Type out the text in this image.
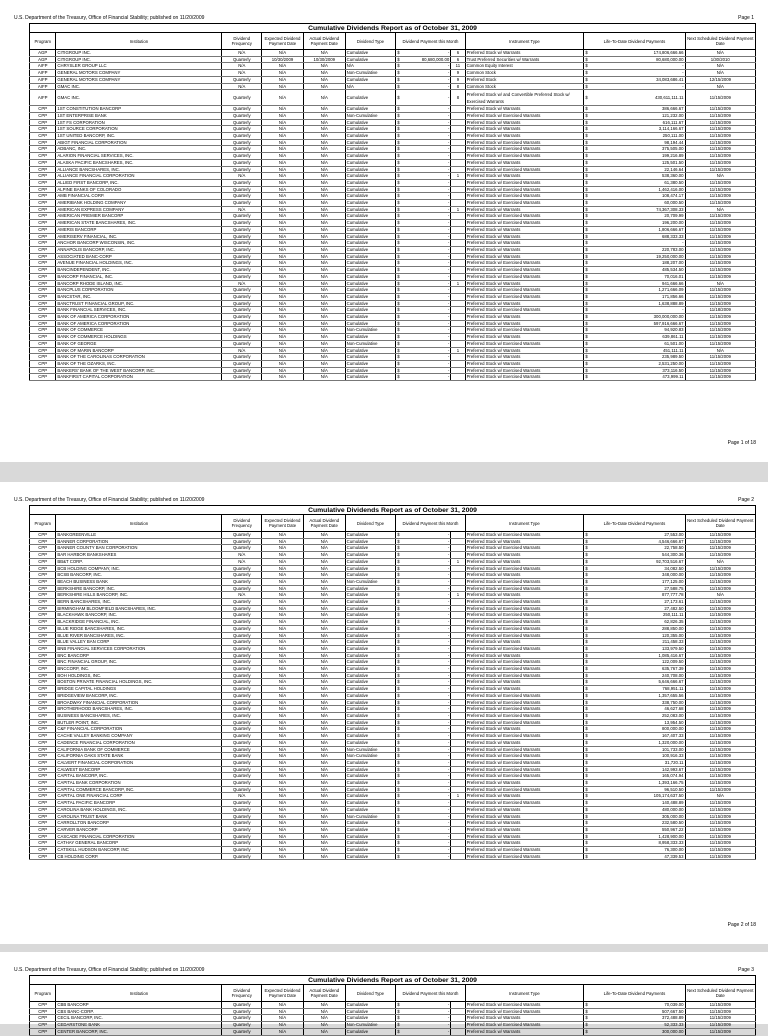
U.S. Department of the Treasury, Office of Financial Stability; published on 11/20/2009	Page 1
Cumulative Dividends Report as of October 31, 2009
Program	Institution	Dividend Frequency	Expected Dividend Payment Date	Actual Dividend Payment Date	Dividend Type	Dividend Payment this Month		Instrument Type	Life-To-Date Dividend Payments	Next Scheduled Dividend Payment Date
AGP	CITIGROUP INC.	N/A	N/A	N/A	Cumulative	$ -	6	Preferred Stock w/ Warrants	$ 174,806,666.66	N/A
AGP	CITIGROUP INC.	Quarterly	10/30/2009	10/30/2009	Cumulative	$ 80,680,000.00	6	Trust Preferred Securities w/ Warrants	$ 80,680,000.00	1/30/2010
AIFP	CHRYSLER GROUP LLC	N/A	N/A	N/A	N/A	$ -	11	Common Equity Interest	$ -	N/A
AIFP	GENERAL MOTORS COMPANY	N/A	N/A	N/A	Non-Cumulative	$ -	9	Common Stock	$ -	N/A
AIFP	GENERAL MOTORS COMPANY	Quarterly	N/A	N/A	Cumulative	$ -	9	Preferred Stock	$ 34,083,686.41	12/15/2009
AIFP	GMAC INC.	N/A	N/A	N/A	N/A	$ -	8	Common Stock	$ -	N/A
AIFP	GMAC INC.	Quarterly	N/A	N/A	Cumulative	$ -	8	Preferred Stock w/ and Convertible Preferred Stock w/ Exercised Warrants	$ 430,611,111.11	11/15/2009
CPP	1ST CONSTITUTION BANCORP	Quarterly	N/A	N/A	Cumulative	$ -		Preferred Stock w/ Warrants	$ 386,666.67	11/15/2009
CPP	1ST ENTERPRISE BANK	Quarterly	N/A	N/A	Non-Cumulative	$ -		Preferred Stock w/ Exercised Warrants	$ 121,232.00	11/15/2009
CPP	1ST FS CORPORATION	Quarterly	N/A	N/A	Cumulative	$ -		Preferred Stock w/ Warrants	$ 616,111.67	11/15/2009
CPP	1ST SOURCE CORPORATION	Quarterly	N/A	N/A	Cumulative	$ -		Preferred Stock w/ Warrants	$ 3,114,166.67	11/15/2009
CPP	1ST UNITED BANCORP, INC.	Quarterly	N/A	N/A	Cumulative	$ -		Preferred Stock w/ Warrants	$ 250,111.00	11/15/2009
CPP	ABIGT FINANCIAL CORPORATION	Quarterly	N/A	N/A	Cumulative	$ -		Preferred Stock w/ Exercised Warrants	$ 98,194.44	11/15/2009
CPP	ADBANC, INC.	Quarterly	N/A	N/A	Cumulative	$ -		Preferred Stock w/ Exercised Warrants	$ 375,505.00	11/15/2009
CPP	ALARION FINANCIAL SERVICES, INC.	Quarterly	N/A	N/A	Cumulative	$ -		Preferred Stock w/ Exercised Warrants	$ 199,216.89	11/15/2009
CPP	ALASKA PACIFIC BANCSHARES, INC.	Quarterly	N/A	N/A	Cumulative	$ -		Preferred Stock w/ Warrants	$ 125,501.50	11/15/2009
CPP	ALLIANCE BANCSHARES, INC.	Quarterly	N/A	N/A	Cumulative	$ -		Preferred Stock w/ Exercised Warrants	$ 22,146.64	11/15/2009
CPP	ALLIANCE FINANCIAL CORPORATION	N/A	N/A	N/A	Cumulative	$ -	1	Preferred Stock w/ Warrants	$ 538,360.00	N/A
CPP	ALLIED FIRST BANCORP, INC.	Quarterly	N/A	N/A	Cumulative	$ -		Preferred Stock w/ Exercised Warrants	$ 61,380.50	11/15/2009
CPP	ALPINE BANKS OF COLORADO	Quarterly	N/A	N/A	Cumulative	$ -		Preferred Stock w/ Exercised Warrants	$ 1,462,416.00	11/15/2009
CPP	AMB FINANCIAL CORP.	Quarterly	N/A	N/A	Cumulative	$ -		Preferred Stock w/ Exercised Warrants	$ 108,474.17	11/15/2009
CPP	AMERIBANK HOLDING COMPANY	Quarterly	N/A	N/A	Cumulative	$ -		Preferred Stock w/ Exercised Warrants	$ 60,000.50	11/15/2009
CPP	AMERICAN EXPRESS COMPANY	N/A	N/A	N/A	Cumulative	$ -	1	Preferred Stock w/ Warrants	$ 74,367,308.33	N/A
CPP	AMERICAN PREMIER BANCORP	Quarterly	N/A	N/A	Cumulative	$ -		Preferred Stock w/ Exercised Warrants	$ 20,709.99	11/15/2009
CPP	AMERICAN STATE BANCSHARES, INC.	Quarterly	N/A	N/A	Cumulative	$ -		Preferred Stock w/ Exercised Warrants	$ 196,200.00	11/15/2009
CPP	AMERIS BANCORP	Quarterly	N/A	N/A	Cumulative	$ -		Preferred Stock w/ Warrants	$ 1,806,666.67	11/15/2009
CPP	AMERISERV FINANCIAL, INC.	Quarterly	N/A	N/A	Cumulative	$ -		Preferred Stock w/ Warrants	$ 688,333.33	11/15/2009
CPP	ANCHOR BANCORP WISCONSIN, INC.	Quarterly	N/A	N/A	Cumulative	$ -		Preferred Stock w/ Warrants	$ -	11/15/2009
CPP	ANNAPOLIS BANCORP, INC.	Quarterly	N/A	N/A	Cumulative	$ -		Preferred Stock w/ Warrants	$ 220,783.00	11/15/2009
CPP	ASSOCIATED BANC-CORP	Quarterly	N/A	N/A	Cumulative	$ -		Preferred Stock w/ Warrants	$ 19,250,000.00	11/15/2009
CPP	AVENUE FINANCIAL HOLDINGS, INC.	Quarterly	N/A	N/A	Cumulative	$ -		Preferred Stock w/ Exercised Warrants	$ 188,207.00	11/15/2009
CPP	BANCINDEPENDENT, INC.	Quarterly	N/A	N/A	Cumulative	$ -		Preferred Stock w/ Exercised Warrants	$ 485,534.50	11/15/2009
CPP	BANCORP FINANCIAL, INC.	Quarterly	N/A	N/A	Cumulative	$ -		Preferred Stock w/ Exercised Warrants	$ 70,016.01	11/15/2009
CPP	BANCORP RHODE ISLAND, INC.	N/A	N/A	N/A	Cumulative	$ -	1	Preferred Stock w/ Warrants	$ 941,666.66	N/A
CPP	BANCPLUS CORPORATION	Quarterly	N/A	N/A	Cumulative	$ -		Preferred Stock w/ Exercised Warrants	$ 1,271,666.09	11/15/2009
CPP	BANCSTAR, INC.	Quarterly	N/A	N/A	Cumulative	$ -		Preferred Stock w/ Exercised Warrants	$ 171,856.66	11/15/2009
CPP	BANCTRUST FINANCIAL GROUP, INC.	Quarterly	N/A	N/A	Cumulative	$ -		Preferred Stock w/ Warrants	$ 1,638,888.89	11/15/2009
CPP	BANK FINANCIAL SERVICES, INC.	Quarterly	N/A	N/A	Cumulative	$ -		Preferred Stock w/ Exercised Warrants	$ -	11/18/2009
CPP	BANK OF AMERICA CORPORATION	Quarterly	N/A	N/A	Cumulative	$ -		Preferred Stock w/ Warrants	$ 300,000,000.00	11/15/2009
CPP	BANK OF AMERICA CORPORATION	Quarterly	N/A	N/A	Cumulative	$ -		Preferred Stock w/ Warrants	$ 597,916,666.67	11/15/2009
CPP	BANK OF COMMERCE	Quarterly	N/A	N/A	Non-Cumulative	$ -		Preferred Stock w/ Exercised Warrants	$ 94,920.83	11/15/2009
CPP	BANK OF COMMERCE HOLDINGS	Quarterly	N/A	N/A	Cumulative	$ -		Preferred Stock w/ Warrants	$ 639,861.11	11/15/2009
CPP	BANK OF GEORGE	Quarterly	N/A	N/A	Non-Cumulative	$ -		Preferred Stock w/ Exercised Warrants	$ 61,501.00	11/15/2009
CPP	BANK OF MARIN BANCORP	N/A	N/A	N/A	Cumulative	$ -	1	Preferred Stock w/ Warrants	$ 451,111.11	N/A
CPP	BANK OF THE CAROLINAS CORPORATION	Quarterly	N/A	N/A	Cumulative	$ -		Preferred Stock w/ Warrants	$ 235,989.50	11/15/2009
CPP	BANK OF THE OZARKS, INC.	Quarterly	N/A	N/A	Cumulative	$ -		Preferred Stock w/ Warrants	$ 2,531,250.00	11/15/2009
CPP	BANKERS' BANK OF THE WEST BANCORP, INC.	Quarterly	N/A	N/A	Cumulative	$ -		Preferred Stock w/ Exercised Warrants	$ 373,116.50	11/15/2009
CPP	BANKFIRST CAPITAL CORPORATION	Quarterly	N/A	N/A	Cumulative	$ -		Preferred Stock w/ Exercised Warrants	$ 473,999.11	11/15/2009
Page 1 of 18
U.S. Department of the Treasury, Office of Financial Stability; published on 11/20/2009	Page 2
Cumulative Dividends Report as of October 31, 2009
Program	Institution	Dividend Frequency	Expected Dividend Payment Date	Actual Dividend Payment Date	Dividend Type	Dividend Payment this Month		Instrument Type	Life-To-Date Dividend Payments	Next Scheduled Dividend Payment Date
CPP	BANKGREENVILLE	Quarterly	N/A	N/A	Cumulative	$ -		Preferred Stock w/ Exercised Warrants	$ 27,553.00	11/15/2009
CPP	BANNER CORPORATION	Quarterly	N/A	N/A	Cumulative	$ -		Preferred Stock w/ Warrants	$ 4,546,666.67	11/15/2009
CPP	BANNER COUNTY BAN CORPORATION	Quarterly	N/A	N/A	Cumulative	$ -		Preferred Stock w/ Exercised Warrants	$ 22,758.50	11/15/2009
CPP	BAR HARBOR BANKSHARES	N/A	N/A	N/A	Cumulative	$ -		Preferred Stock w/ Warrants	$ 544,300.36	11/15/2009
CPP	BB&T CORP.	N/A	N/A	N/A	Cumulative	$ -	1	Preferred Stock w/ Warrants	$ 92,703,516.67	N/A
CPP	BCB HOLDING COMPANY, INC.	Quarterly	N/A	N/A	Cumulative	$ -		Preferred Stock w/ Exercised Warrants	$ 34,082.50	11/15/2009
CPP	BCSB BANCORP, INC.	Quarterly	N/A	N/A	Cumulative	$ -		Preferred Stock w/ Warrants	$ 348,000.00	11/15/2009
CPP	BEACH BUSINESS BANK	Quarterly	N/A	N/A	Non-Cumulative	$ -		Preferred Stock w/ Exercised Warrants	$ 177,125.00	11/15/2009
CPP	BERKSHIRE BANCORP, INC.	Quarterly	N/A	N/A	Cumulative	$ -		Preferred Stock w/ Exercised Warrants	$ 27,588.75	11/15/2009
CPP	BERKSHIRE HILLS BANCORP, INC.	N/A	N/A	N/A	Cumulative	$ -	1	Preferred Stock w/ Warrants	$ 877,777.78	N/A
CPP	BERN BANCSHARES, INC.	Quarterly	N/A	N/A	Cumulative	$ -		Preferred Stock w/ Exercised Warrants	$ 27,173.61	11/15/2009
CPP	BIRMINGHAM BLOOMFIELD BANCSHARES, INC.	Quarterly	N/A	N/A	Cumulative	$ -		Preferred Stock w/ Exercised Warrants	$ 27,482.50	11/15/2009
CPP	BLACKHAWK BANCORP, INC.	Quarterly	N/A	N/A	Cumulative	$ -		Preferred Stock w/ Exercised Warrants	$ 250,111.11	11/15/2009
CPP	BLACKRIDGE FINANCIAL, INC.	Quarterly	N/A	N/A	Cumulative	$ -		Preferred Stock w/ Exercised Warrants	$ 62,826.35	11/15/2009
CPP	BLUE RIDGE BANCSHARES, INC.	Quarterly	N/A	N/A	Cumulative	$ -		Preferred Stock w/ Exercised Warrants	$ 288,850.00	11/15/2009
CPP	BLUE RIVER BANCSHARES, INC.	Quarterly	N/A	N/A	Cumulative	$ -		Preferred Stock w/ Exercised Warrants	$ 120,355.00	11/15/2009
CPP	BLUE VALLEY BAN CORP	Quarterly	N/A	N/A	Cumulative	$ -		Preferred Stock w/ Warrants	$ 211,458.33	11/15/2009
CPP	BNB FINANCIAL SERVICES CORPORATION	Quarterly	N/A	N/A	Cumulative	$ -		Preferred Stock w/ Exercised Warrants	$ 133,979.50	11/15/2009
CPP	BNC BANCORP	Quarterly	N/A	N/A	Cumulative	$ -		Preferred Stock w/ Warrants	$ 1,085,416.67	11/15/2009
CPP	BNC FINANCIAL GROUP, INC.	Quarterly	N/A	N/A	Cumulative	$ -		Preferred Stock w/ Exercised Warrants	$ 122,009.50	11/15/2009
CPP	BNCCORP, INC.	Quarterly	N/A	N/A	Cumulative	$ -		Preferred Stock w/ Exercised Warrants	$ 635,767.39	11/15/2009
CPP	BOH HOLDINGS, INC.	Quarterly	N/A	N/A	Cumulative	$ -		Preferred Stock w/ Exercised Warrants	$ 240,708.00	11/15/2009
CPP	BOSTON PRIVATE FINANCIAL HOLDINGS, INC.	Quarterly	N/A	N/A	Cumulative	$ -		Preferred Stock w/ Warrants	$ 5,646,666.67	11/15/2009
CPP	BRIDGE CAPITAL HOLDINGS	Quarterly	N/A	N/A	Cumulative	$ -		Preferred Stock w/ Warrants	$ 768,951.11	11/15/2009
CPP	BRIDGEVIEW BANCORP, INC.	Quarterly	N/A	N/A	Cumulative	$ -		Preferred Stock w/ Exercised Warrants	$ 1,357,655.56	11/15/2009
CPP	BROADWAY FINANCIAL CORPORATION	Quarterly	N/A	N/A	Cumulative	$ -		Preferred Stock w/ Exercised Warrants	$ 338,750.00	11/15/2009
CPP	BROTHERHOOD BANCSHARES, INC.	Quarterly	N/A	N/A	Cumulative	$ -		Preferred Stock w/ Exercised Warrants	$ 46,627.68	11/15/2009
CPP	BUSINESS BANCSHARES, INC.	Quarterly	N/A	N/A	Cumulative	$ -		Preferred Stock w/ Exercised Warrants	$ 252,083.00	11/15/2009
CPP	BUTLER POINT, INC.	Quarterly	N/A	N/A	Cumulative	$ -		Preferred Stock w/ Exercised Warrants	$ 13,954.50	11/15/2009
CPP	C&F FINANCIAL CORPORATION	Quarterly	N/A	N/A	Cumulative	$ -		Preferred Stock w/ Warrants	$ 800,000.00	11/15/2009
CPP	CACHE VALLEY BANKING COMPANY	Quarterly	N/A	N/A	Cumulative	$ -		Preferred Stock w/ Exercised Warrants	$ 167,407.33	11/15/2009
CPP	CADENCE FINANCIAL CORPORATION	Quarterly	N/A	N/A	Cumulative	$ -		Preferred Stock w/ Warrants	$ 1,320,000.00	11/15/2009
CPP	CALIFORNIA BANK OF COMMERCE	Quarterly	N/A	N/A	Non-Cumulative	$ -		Preferred Stock w/ Exercised Warrants	$ 101,733.00	11/15/2009
CPP	CALIFORNIA OAKS STATE BANK	Quarterly	N/A	N/A	Non-Cumulative	$ -		Preferred Stock w/ Exercised Warrants	$ 100,916.33	11/15/2009
CPP	CALVERT FINANCIAL CORPORATION	Quarterly	N/A	N/A	Cumulative	$ -		Preferred Stock w/ Exercised Warrants	$ 31,720.11	11/15/2009
CPP	CALWEST BANCORP	Quarterly	N/A	N/A	Cumulative	$ -		Preferred Stock w/ Exercised Warrants	$ 142,993.67	11/15/2009
CPP	CAPITAL BANCORP, INC.	Quarterly	N/A	N/A	Cumulative	$ -		Preferred Stock w/ Exercised Warrants	$ 165,074.94	11/15/2009
CPP	CAPITAL BANK CORPORATION	Quarterly	N/A	N/A	Cumulative	$ -		Preferred Stock w/ Warrants	$ 1,393,166.75	11/15/2009
CPP	CAPITAL COMMERCE BANCORP, INC.	Quarterly	N/A	N/A	Cumulative	$ -		Preferred Stock w/ Exercised Warrants	$ 96,510.50	11/15/2009
CPP	CAPITAL ONE FINANCIAL CORP	N/A	N/A	N/A	Cumulative	$ -	1	Preferred Stock w/ Warrants	$ 105,174,637.50	N/A
CPP	CAPITAL PACIFIC BANCORP	Quarterly	N/A	N/A	Cumulative	$ -		Preferred Stock w/ Exercised Warrants	$ 140,488.89	11/15/2009
CPP	CAROLINA BANK HOLDINGS, INC.	Quarterly	N/A	N/A	Cumulative	$ -		Preferred Stock w/ Warrants	$ 480,000.00	11/15/2009
CPP	CAROLINA TRUST BANK	Quarterly	N/A	N/A	Non-Cumulative	$ -		Preferred Stock w/ Warrants	$ 305,000.00	11/15/2009
CPP	CARROLLTON BANCORP	Quarterly	N/A	N/A	Cumulative	$ -		Preferred Stock w/ Warrants	$ 232,580.50	11/15/2009
CPP	CARVER BANCORP	Quarterly	N/A	N/A	Cumulative	$ -		Preferred Stock w/ Warrants	$ 550,967.22	11/15/2009
CPP	CASCADE FINANCIAL CORPORATION	Quarterly	N/A	N/A	Cumulative	$ -		Preferred Stock w/ Warrants	$ 1,428,900.00	11/15/2009
CPP	CATHAY GENERAL BANCORP	Quarterly	N/A	N/A	Cumulative	$ -		Preferred Stock w/ Warrants	$ 8,958,333.33	11/15/2009
CPP	CATSKILL HUDSON BANCORP, INC	Quarterly	N/A	N/A	Cumulative	$ -		Preferred Stock w/ Exercised Warrants	$ 76,300.00	11/15/2009
CPP	CB HOLDING CORP.	Quarterly	N/A	N/A	Cumulative	$ -		Preferred Stock w/ Exercised Warrants	$ 47,339.53	11/15/2009
Page 2 of 18
U.S. Department of the Treasury, Office of Financial Stability; published on 11/20/2009	Page 3
Cumulative Dividends Report as of October 31, 2009
Program	Institution	Dividend Frequency	Expected Dividend Payment Date	Actual Dividend Payment Date	Dividend Type	Dividend Payment this Month		Instrument Type	Life-To-Date Dividend Payments	Next Scheduled Dividend Payment Date
CPP	CBB BANCORP	Quarterly	N/A	N/A	Cumulative	$ -		Preferred Stock w/ Exercised Warrants	$ 70,039.00	11/15/2009
CPP	CBS BANC-CORP.	Quarterly	N/A	N/A	Cumulative	$ -		Preferred Stock w/ Exercised Warrants	$ 507,667.50	11/15/2009
CPP	CECIL BANCORP, INC.	Quarterly	N/A	N/A	Cumulative	$ -		Preferred Stock w/ Warrants	$ 372,488.89	11/15/2009
CPP	CEDARSTONE BANK	Quarterly	N/A	N/A	Non-Cumulative	$ -		Preferred Stock w/ Exercised Warrants	$ 52,333.33	11/15/2009
CPP	CENTER BANCORP, INC.	Quarterly	N/A	N/A	Cumulative	$ -		Preferred Stock w/ Warrants	$ 300,000.00	11/15/2009
